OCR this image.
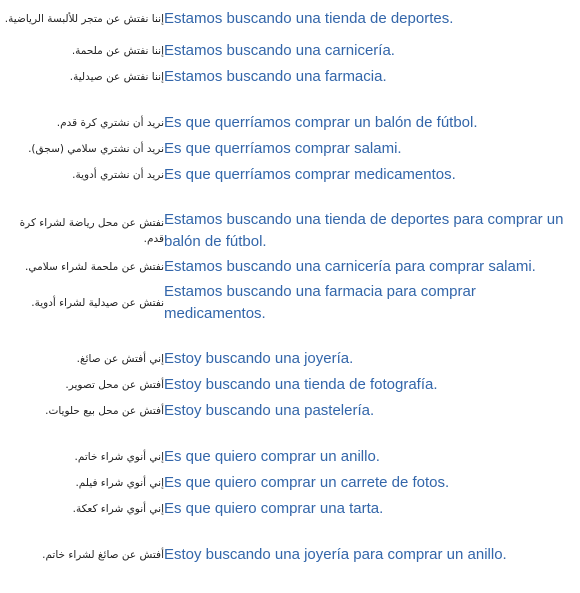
إننا نفتش عن متجر للألبسة الرياضية.	Estamos buscando una tienda de deportes.
إننا نفتش عن ملحمة.	Estamos buscando una carnicería.
إننا نفتش عن صيدلية.	Estamos buscando una farmacia.

نريد أن نشتري كرة قدم.	Es que querríamos comprar un balón de fútbol.
نريد أن نشتري سلامي (سجق).	Es que querríamos comprar salami.
نريد أن نشتري أدوية.	Es que querríamos comprar medicamentos.

نفتش عن محل رياضة لشراء كرة قدم.	Estamos buscando una tienda de deportes para comprar un balón de fútbol.
نفتش عن ملحمة لشراء سلامي.	Estamos buscando una carnicería para comprar salami.
نفتش عن صيدلية لشراء أدوية.	Estamos buscando una farmacia para comprar medicamentos.

إني أفتش عن صائغ.	Estoy buscando una joyería.
أفتش عن محل تصوير.	Estoy buscando una tienda de fotografía.
أفتش عن محل بيع حلويات.	Estoy buscando una pastelería.

إني أنوي شراء خاتم.	Es que quiero comprar un anillo.
إني أنوي شراء فيلم.	Es que quiero comprar un carrete de fotos.
إني أنوي شراء كعكة.	Es que quiero comprar una tarta.

أفتش عن صائغ لشراء خاتم.	Estoy buscando una joyería para comprar un anillo.
